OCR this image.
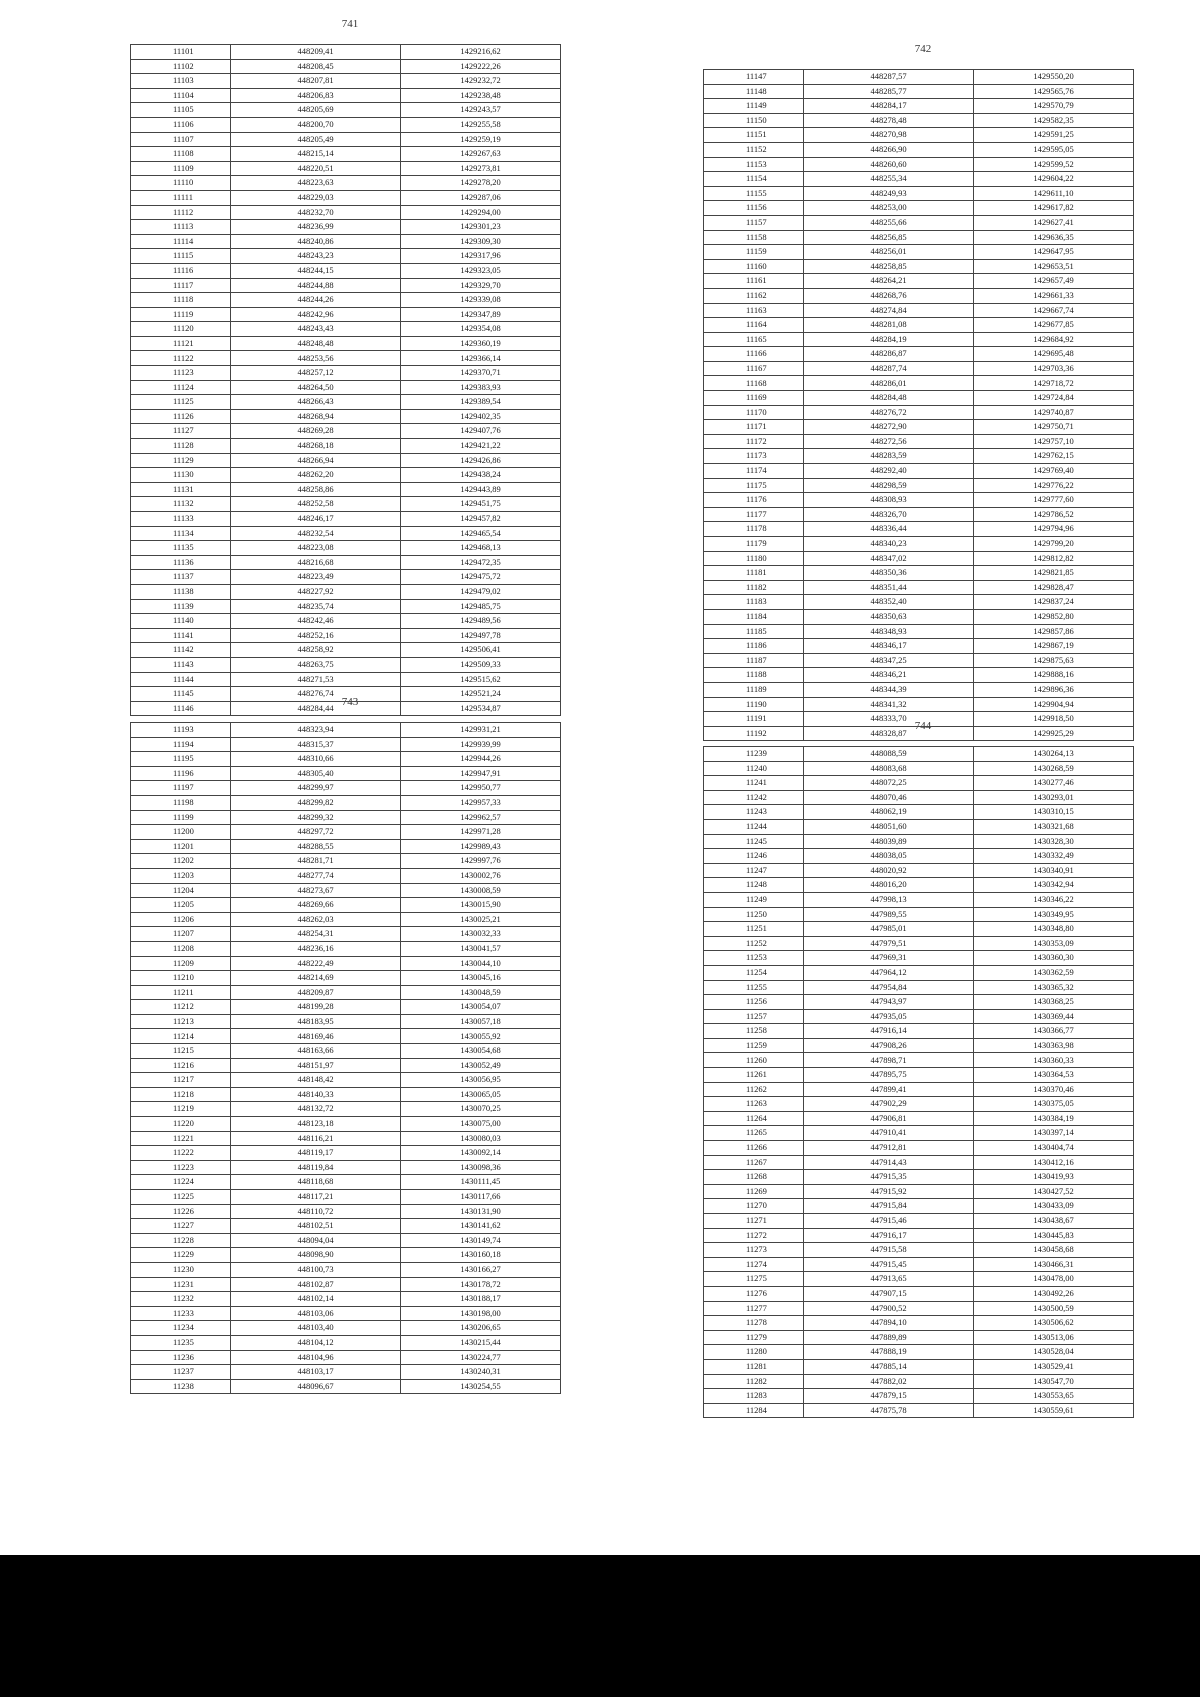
741
742
743
744
11101	448209,41	1429216,62
11102	448208,45	1429222,26
11103	448207,81	1429232,72
11104	448206,83	1429238,48
11105	448205,69	1429243,57
11106	448200,70	1429255,58
11107	448205,49	1429259,19
11108	448215,14	1429267,63
11109	448220,51	1429273,81
11110	448223,63	1429278,20
11111	448229,03	1429287,06
11112	448232,70	1429294,00
11113	448236,99	1429301,23
11114	448240,86	1429309,30
11115	448243,23	1429317,96
11116	448244,15	1429323,05
11117	448244,88	1429329,70
11118	448244,26	1429339,08
11119	448242,96	1429347,89
11120	448243,43	1429354,08
11121	448248,48	1429360,19
11122	448253,56	1429366,14
11123	448257,12	1429370,71
11124	448264,50	1429383,93
11125	448266,43	1429389,54
11126	448268,94	1429402,35
11127	448269,28	1429407,76
11128	448268,18	1429421,22
11129	448266,94	1429426,86
11130	448262,20	1429438,24
11131	448258,86	1429443,89
11132	448252,58	1429451,75
11133	448246,17	1429457,82
11134	448232,54	1429465,54
11135	448223,08	1429468,13
11136	448216,68	1429472,35
11137	448223,49	1429475,72
11138	448227,92	1429479,02
11139	448235,74	1429485,75
11140	448242,46	1429489,56
11141	448252,16	1429497,78
11142	448258,92	1429506,41
11143	448263,75	1429509,33
11144	448271,53	1429515,62
11145	448276,74	1429521,24
11146	448284,44	1429534,87
11147	448287,57	1429550,20
11148	448285,77	1429565,76
11149	448284,17	1429570,79
11150	448278,48	1429582,35
11151	448270,98	1429591,25
11152	448266,90	1429595,05
11153	448260,60	1429599,52
11154	448255,34	1429604,22
11155	448249,93	1429611,10
11156	448253,00	1429617,82
11157	448255,66	1429627,41
11158	448256,85	1429636,35
11159	448256,01	1429647,95
11160	448258,85	1429653,51
11161	448264,21	1429657,49
11162	448268,76	1429661,33
11163	448274,84	1429667,74
11164	448281,08	1429677,85
11165	448284,19	1429684,92
11166	448286,87	1429695,48
11167	448287,74	1429703,36
11168	448286,01	1429718,72
11169	448284,48	1429724,84
11170	448276,72	1429740,87
11171	448272,90	1429750,71
11172	448272,56	1429757,10
11173	448283,59	1429762,15
11174	448292,40	1429769,40
11175	448298,59	1429776,22
11176	448308,93	1429777,60
11177	448326,70	1429786,52
11178	448336,44	1429794,96
11179	448340,23	1429799,20
11180	448347,02	1429812,82
11181	448350,36	1429821,85
11182	448351,44	1429828,47
11183	448352,40	1429837,24
11184	448350,63	1429852,80
11185	448348,93	1429857,86
11186	448346,17	1429867,19
11187	448347,25	1429875,63
11188	448346,21	1429888,16
11189	448344,39	1429896,36
11190	448341,32	1429904,94
11191	448333,70	1429918,50
11192	448328,87	1429925,29
11193	448323,94	1429931,21
11194	448315,37	1429939,99
11195	448310,66	1429944,26
11196	448305,40	1429947,91
11197	448299,97	1429950,77
11198	448299,82	1429957,33
11199	448299,32	1429962,57
11200	448297,72	1429971,28
11201	448288,55	1429989,43
11202	448281,71	1429997,76
11203	448277,74	1430002,76
11204	448273,67	1430008,59
11205	448269,66	1430015,90
11206	448262,03	1430025,21
11207	448254,31	1430032,33
11208	448236,16	1430041,57
11209	448222,49	1430044,10
11210	448214,69	1430045,16
11211	448209,87	1430048,59
11212	448199,28	1430054,07
11213	448183,95	1430057,18
11214	448169,46	1430055,92
11215	448163,66	1430054,68
11216	448151,97	1430052,49
11217	448148,42	1430056,95
11218	448140,33	1430065,05
11219	448132,72	1430070,25
11220	448123,18	1430075,00
11221	448116,21	1430080,03
11222	448119,17	1430092,14
11223	448119,84	1430098,36
11224	448118,68	1430111,45
11225	448117,21	1430117,66
11226	448110,72	1430131,90
11227	448102,51	1430141,62
11228	448094,04	1430149,74
11229	448098,90	1430160,18
11230	448100,73	1430166,27
11231	448102,87	1430178,72
11232	448102,14	1430188,17
11233	448103,06	1430198,00
11234	448103,40	1430206,65
11235	448104,12	1430215,44
11236	448104,96	1430224,77
11237	448103,17	1430240,31
11238	448096,67	1430254,55
11239	448088,59	1430264,13
11240	448083,68	1430268,59
11241	448072,25	1430277,46
11242	448070,46	1430293,01
11243	448062,19	1430310,15
11244	448051,60	1430321,68
11245	448039,89	1430328,30
11246	448038,05	1430332,49
11247	448020,92	1430340,91
11248	448016,20	1430342,94
11249	447998,13	1430346,22
11250	447989,55	1430349,95
11251	447985,01	1430348,80
11252	447979,51	1430353,09
11253	447969,31	1430360,30
11254	447964,12	1430362,59
11255	447954,84	1430365,32
11256	447943,97	1430368,25
11257	447935,05	1430369,44
11258	447916,14	1430366,77
11259	447908,26	1430363,98
11260	447898,71	1430360,33
11261	447895,75	1430364,53
11262	447899,41	1430370,46
11263	447902,29	1430375,05
11264	447906,81	1430384,19
11265	447910,41	1430397,14
11266	447912,81	1430404,74
11267	447914,43	1430412,16
11268	447915,35	1430419,93
11269	447915,92	1430427,52
11270	447915,84	1430433,09
11271	447915,46	1430438,67
11272	447916,17	1430445,83
11273	447915,58	1430458,68
11274	447915,45	1430466,31
11275	447913,65	1430478,00
11276	447907,15	1430492,26
11277	447900,52	1430500,59
11278	447894,10	1430506,62
11279	447889,89	1430513,06
11280	447888,19	1430528,04
11281	447885,14	1430529,41
11282	447882,02	1430547,70
11283	447879,15	1430553,65
11284	447875,78	1430559,61
